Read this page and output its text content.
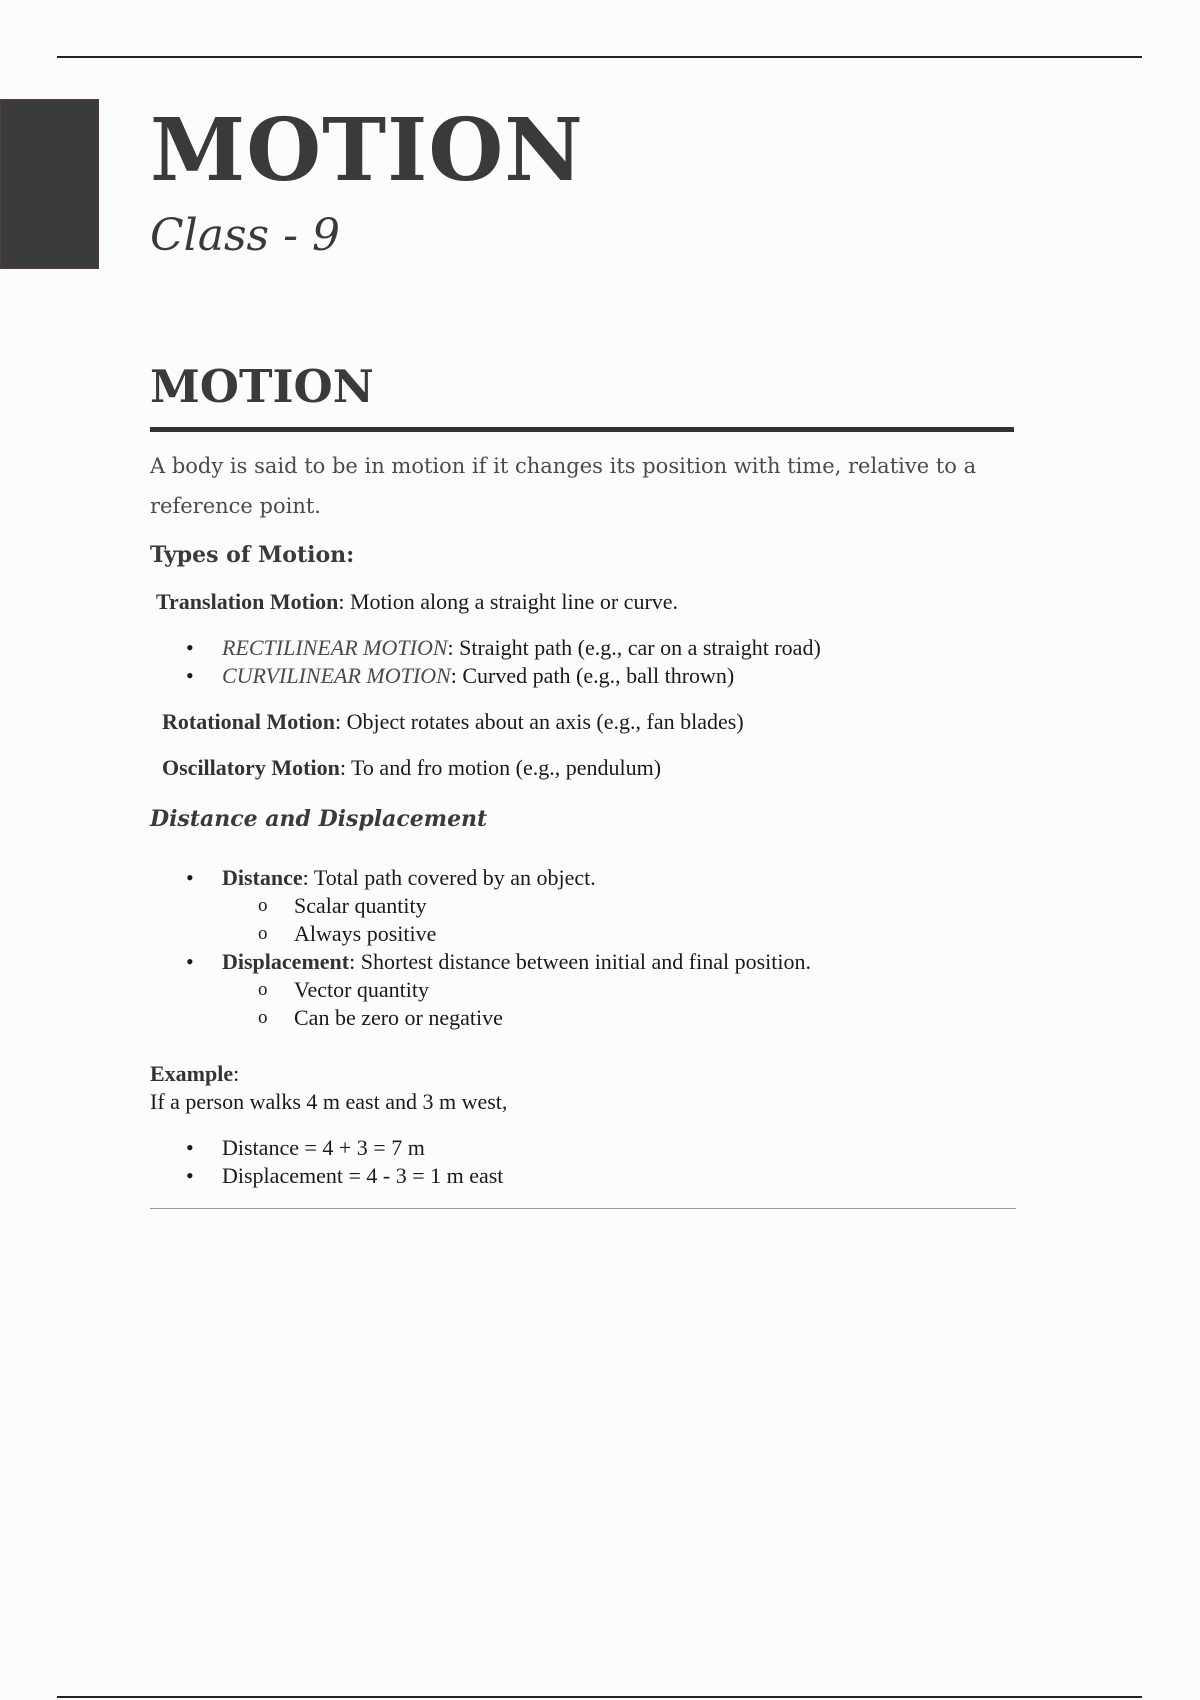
MOTION
Class - 9
MOTION

A body is said to be in motion if it changes its position with time, relative to a reference point.

Types of Motion:

Translation Motion: Motion along a straight line or curve.

• RECTILINEAR MOTION: Straight path (e.g., car on a straight road)
• CURVILINEAR MOTION: Curved path (e.g., ball thrown)

Rotational Motion: Object rotates about an axis (e.g., fan blades)

Oscillatory Motion: To and fro motion (e.g., pendulum)

Distance and Displacement
• Distance: Total path covered by an object.
o Scalar quantity
o Always positive
• Displacement: Shortest distance between initial and final position.
o Vector quantity
o Can be zero or negative

Example:

If a person walks 4 m east and 3 m west,

• Distance = 4 + 3 = 7 m
• Displacement = 4 - 3 = 1 m east
